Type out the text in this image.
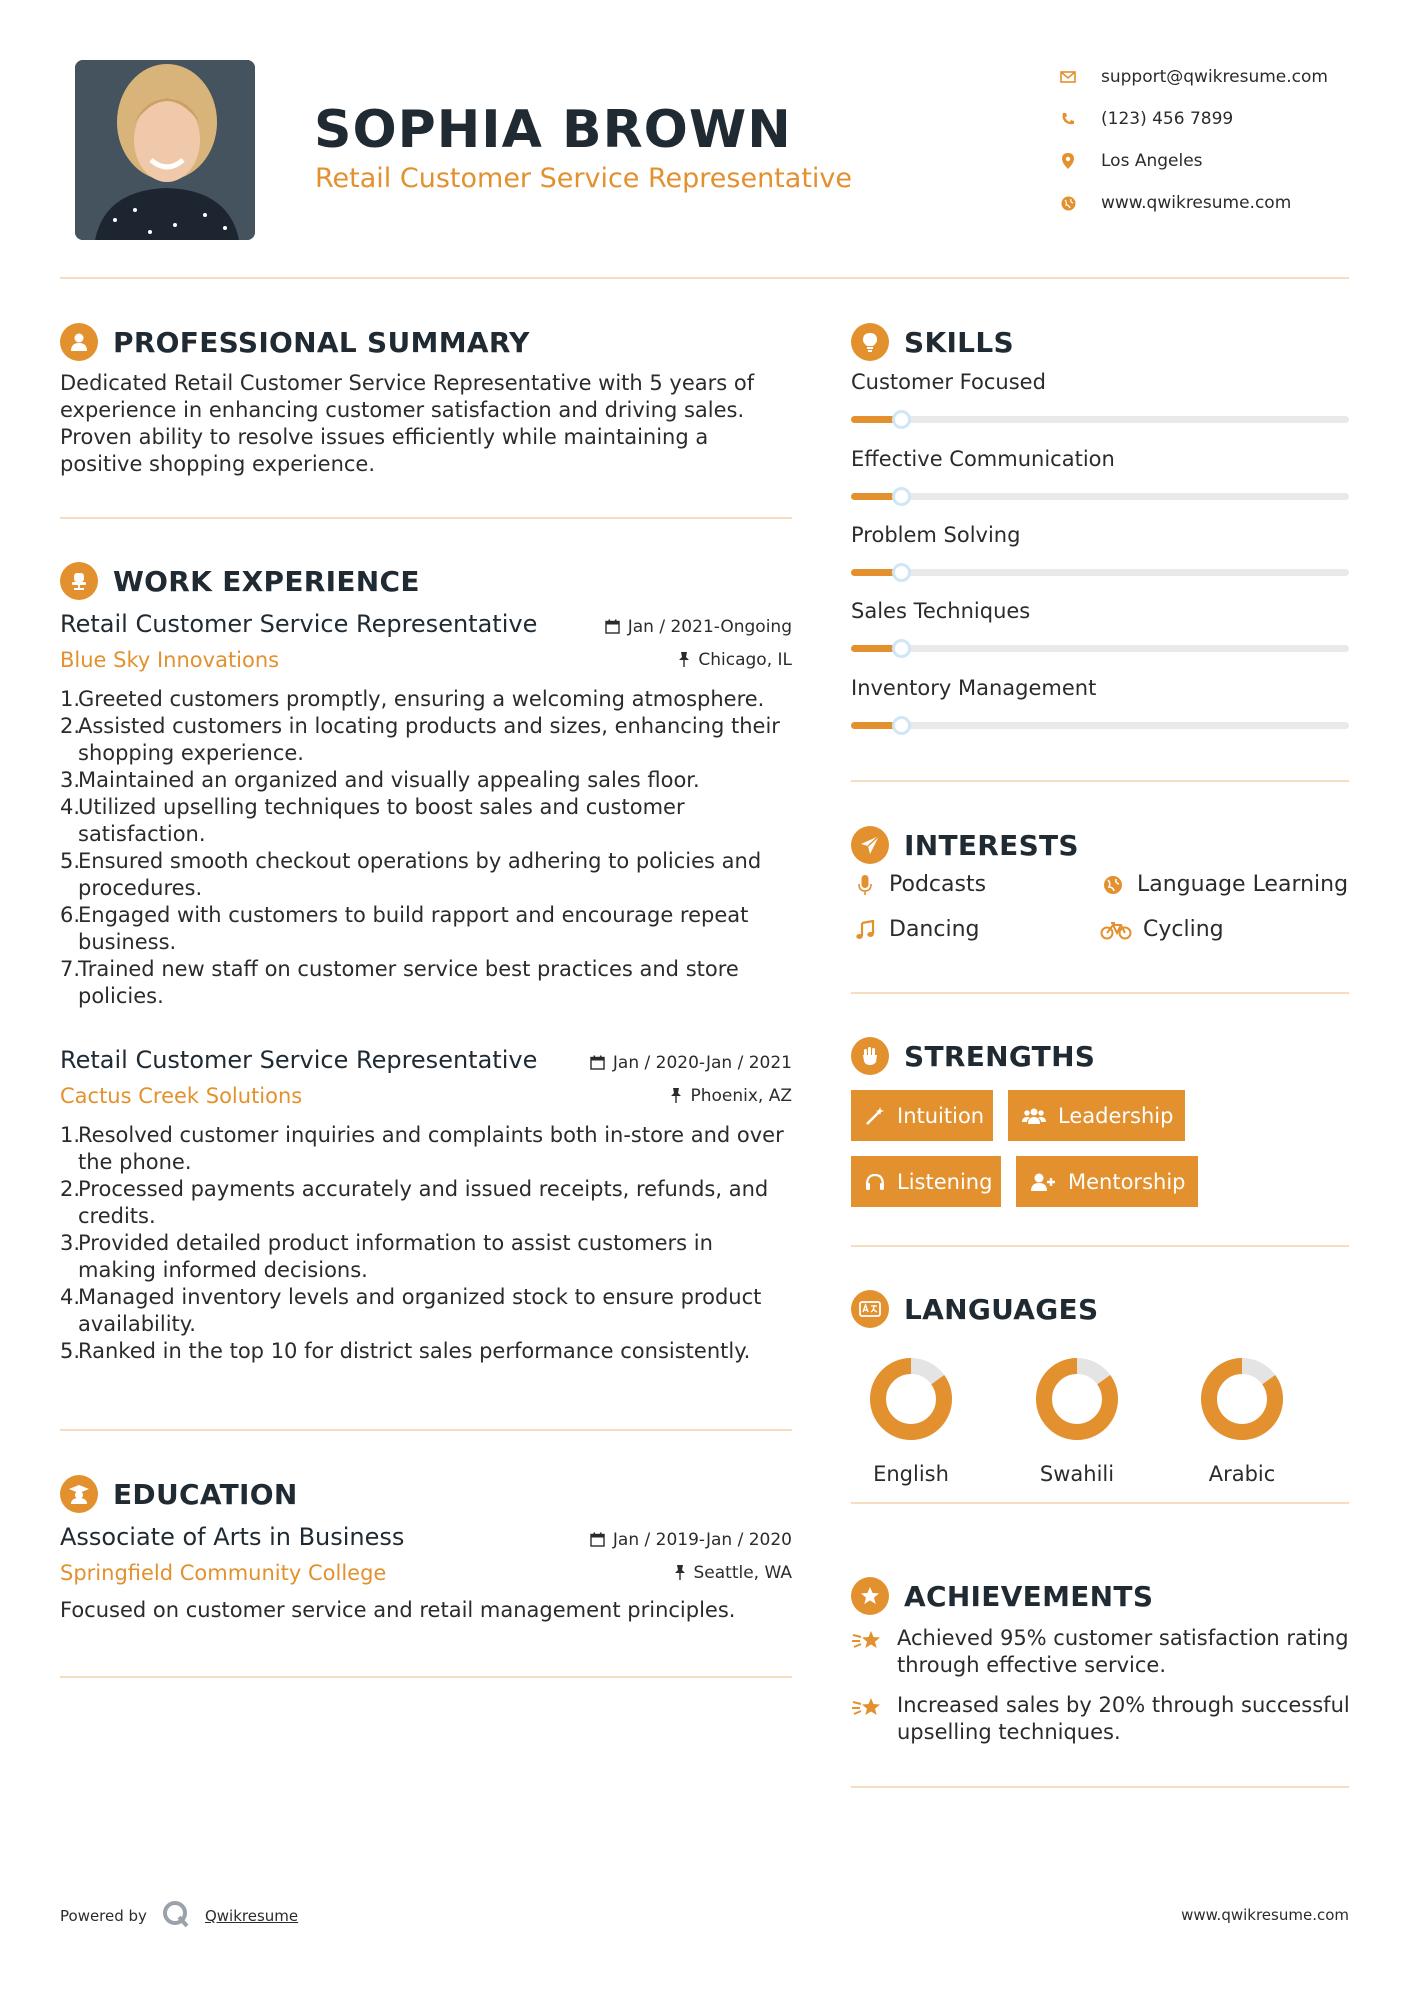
SOPHIA BROWN
Retail Customer Service Representative
support@qwikresume.com
(123) 456 7899
Los Angeles
www.qwikresume.com
PROFESSIONAL SUMMARY
Dedicated Retail Customer Service Representative with 5 years of experience in enhancing customer satisfaction and driving sales. Proven ability to resolve issues efficiently while maintaining a positive shopping experience.
WORK EXPERIENCE
Retail Customer Service Representative
Blue Sky Innovations
Jan / 2021-Ongoing
Chicago, IL
Greeted customers promptly, ensuring a welcoming atmosphere.
Assisted customers in locating products and sizes, enhancing their shopping experience.
Maintained an organized and visually appealing sales floor.
Utilized upselling techniques to boost sales and customer satisfaction.
Ensured smooth checkout operations by adhering to policies and procedures.
Engaged with customers to build rapport and encourage repeat business.
Trained new staff on customer service best practices and store policies.
Retail Customer Service Representative
Cactus Creek Solutions
Jan / 2020-Jan / 2021
Phoenix, AZ
Resolved customer inquiries and complaints both in-store and over the phone.
Processed payments accurately and issued receipts, refunds, and credits.
Provided detailed product information to assist customers in making informed decisions.
Managed inventory levels and organized stock to ensure product availability.
Ranked in the top 10 for district sales performance consistently.
EDUCATION
Associate of Arts in Business
Springfield Community College
Jan / 2019-Jan / 2020
Seattle, WA
Focused on customer service and retail management principles.
SKILLS
Customer Focused
Effective Communication
Problem Solving
Sales Techniques
Inventory Management
INTERESTS
Podcasts	Language Learning
Dancing	Cycling
STRENGTHS
Intuition	Leadership
Listening	Mentorship
LANGUAGES
English	Swahili	Arabic
ACHIEVEMENTS
Achieved 95% customer satisfaction rating through effective service.
Increased sales by 20% through successful upselling techniques.
Powered by	Qwikresume	www.qwikresume.com
